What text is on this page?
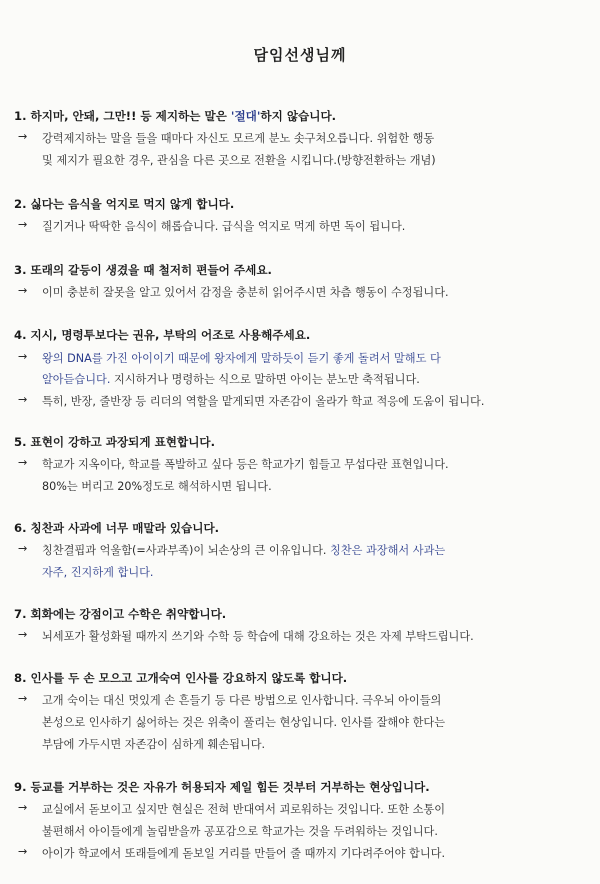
담임선생님께
1. 하지마, 안돼, 그만!! 등 제지하는 말은 '절대'하지 않습니다.
→ 강력제지하는 말을 들을 때마다 자신도 모르게 분노 솟구쳐오릅니다. 위험한 행동
및 제지가 필요한 경우, 관심을 다른 곳으로 전환을 시킵니다.(방향전환하는 개념)
2. 싫다는 음식을 억지로 먹지 않게 합니다.
→ 질기거나 딱딱한 음식이 해롭습니다. 급식을 억지로 먹게 하면 독이 됩니다.
3. 또래의 갈등이 생겼을 때 철저히 편들어 주세요.
→ 이미 충분히 잘못을 알고 있어서 감정을 충분히 읽어주시면 차츰 행동이 수정됩니다.
4. 지시, 명령투보다는 권유, 부탁의 어조로 사용해주세요.
→ 왕의 DNA를 가진 아이이기 때문에 왕자에게 말하듯이 듣기 좋게 돌려서 말해도 다
알아듣습니다. 지시하거나 명령하는 식으로 말하면 아이는 분노만 축적됩니다.
→ 특히, 반장, 줄반장 등 리더의 역할을 맡게되면 자존감이 올라가 학교 적응에 도움이 됩니다.
5. 표현이 강하고 과장되게 표현합니다.
→ 학교가 지옥이다, 학교를 폭발하고 싶다 등은 학교가기 힘들고 무섭다란 표현입니다.
80%는 버리고 20%정도로 해석하시면 됩니다.
6. 칭찬과 사과에 너무 매말라 있습니다.
→ 칭찬결핍과 억울함(=사과부족)이 뇌손상의 큰 이유입니다. 칭찬은 과장해서 사과는
자주, 진지하게 합니다.
7. 회화에는 강점이고 수학은 취약합니다.
→ 뇌세포가 활성화될 때까지 쓰기와 수학 등 학습에 대해 강요하는 것은 자제 부탁드립니다.
8. 인사를 두 손 모으고 고개숙여 인사를 강요하지 않도록 합니다.
→ 고개 숙이는 대신 멋있게 손 흔들기 등 다른 방법으로 인사합니다. 극우뇌 아이들의
본성으로 인사하기 싫어하는 것은 위축이 풀리는 현상입니다. 인사를 잘해야 한다는
부담에 가두시면 자존감이 심하게 훼손됩니다.
9. 등교를 거부하는 것은 자유가 허용되자 제일 힘든 것부터 거부하는 현상입니다.
→ 교실에서 돋보이고 싶지만 현실은 전혀 반대여서 괴로워하는 것입니다. 또한 소통이
불편해서 아이들에게 놀림받을까 공포감으로 학교가는 것을 두려워하는 것입니다.
→ 아이가 학교에서 또래들에게 돋보일 거리를 만들어 줄 때까지 기다려주어야 합니다.
